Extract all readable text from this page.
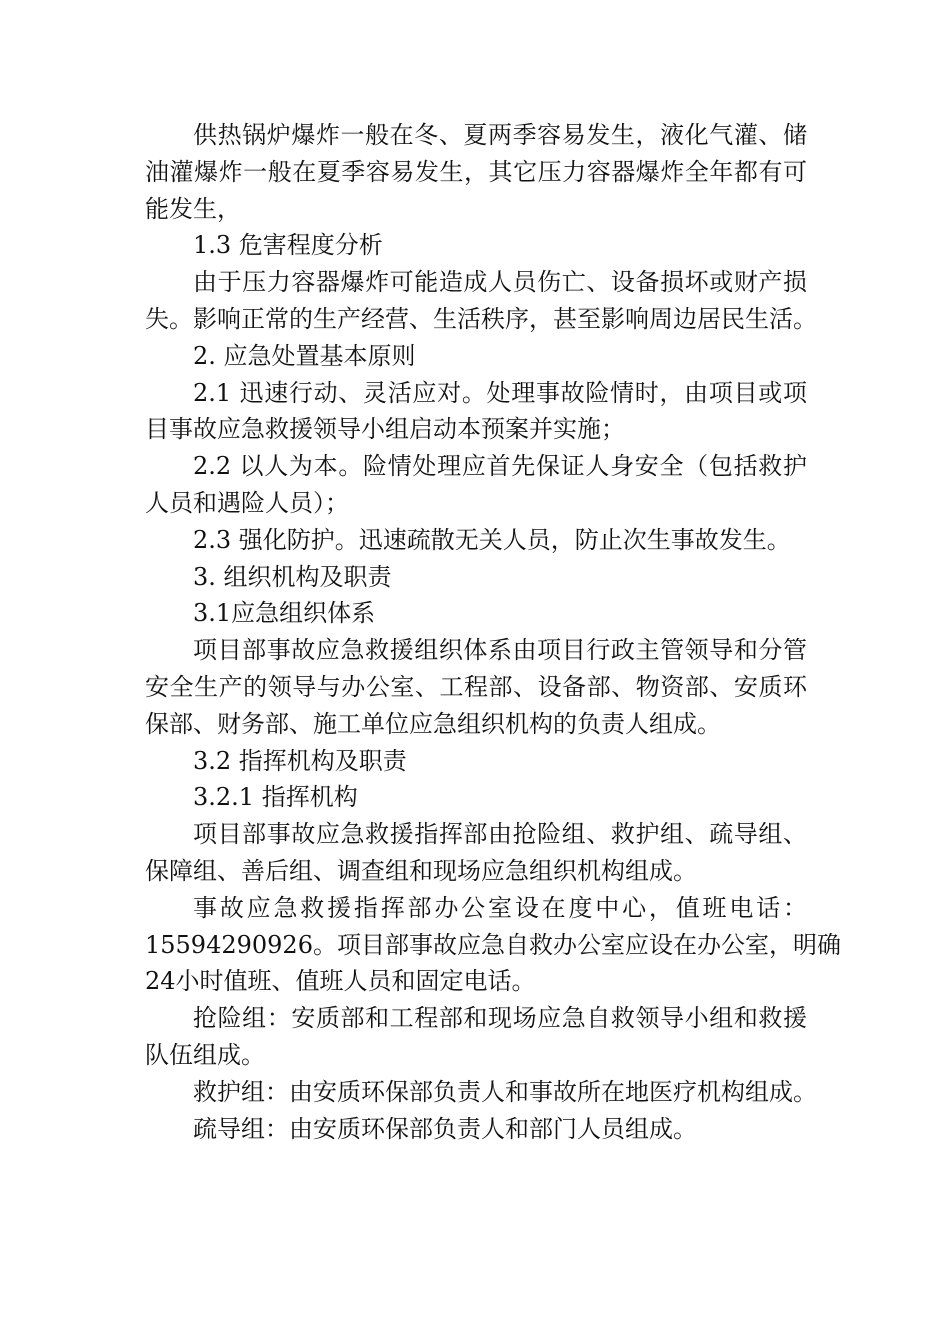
供热锅炉爆炸一般在冬、夏两季容易发生，液化气灌、储
油灌爆炸一般在夏季容易发生，其它压力容器爆炸全年都有可
能发生，
1.3 危害程度分析
由于压力容器爆炸可能造成人员伤亡、设备损坏或财产损
失。影响正常的生产经营、生活秩序，甚至影响周边居民生活。
2. 应急处置基本原则
2.1 迅速行动、灵活应对。处理事故险情时，由项目或项
目事故应急救援领导小组启动本预案并实施；
2.2 以人为本。险情处理应首先保证人身安全（包括救护
人员和遇险人员）；
2.3 强化防护。迅速疏散无关人员，防止次生事故发生。
3. 组织机构及职责
3.1应急组织体系
项目部事故应急救援组织体系由项目行政主管领导和分管
安全生产的领导与办公室、工程部、设备部、物资部、安质环
保部、财务部、施工单位应急组织机构的负责人组成。
3.2 指挥机构及职责
3.2.1 指挥机构
项目部事故应急救援指挥部由抢险组、救护组、疏导组、
保障组、善后组、调查组和现场应急组织机构组成。
事故应急救援指挥部办公室设在度中心，值班电话：
15594290926。项目部事故应急自救办公室应设在办公室，明确
24小时值班、值班人员和固定电话。
抢险组：安质部和工程部和现场应急自救领导小组和救援
队伍组成。
救护组：由安质环保部负责人和事故所在地医疗机构组成。
疏导组：由安质环保部负责人和部门人员组成。
